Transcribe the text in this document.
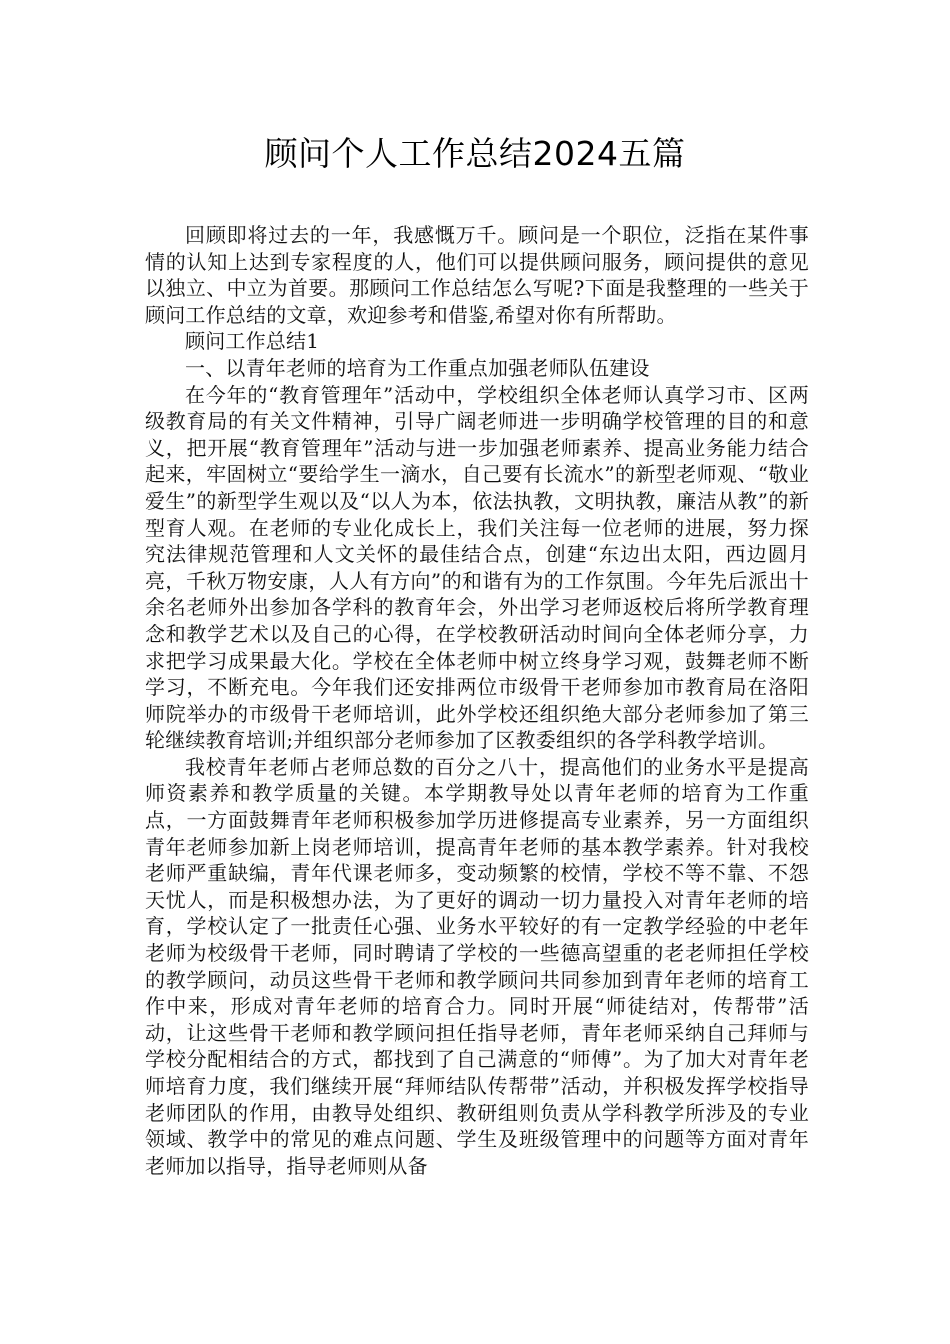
顾问个人工作总结2024五篇

回顾即将过去的一年，我感慨万千。顾问是一个职位，泛指在某件事情的认知上达到专家程度的人，他们可以提供顾问服务，顾问提供的意见以独立、中立为首要。那顾问工作总结怎么写呢?下面是我整理的一些关于顾问工作总结的文章，欢迎参考和借鉴,希望对你有所帮助。

顾问工作总结1

一、以青年老师的培育为工作重点加强老师队伍建设

在今年的“教育管理年”活动中，学校组织全体老师认真学习市、区两级教育局的有关文件精神，引导广阔老师进一步明确学校管理的目的和意义，把开展“教育管理年”活动与进一步加强老师素养、提高业务能力结合起来，牢固树立“要给学生一滴水，自己要有长流水”的新型老师观、“敬业爱生”的新型学生观以及“以人为本，依法执教，文明执教，廉洁从教”的新型育人观。在老师的专业化成长上，我们关注每一位老师的进展，努力探究法律规范管理和人文关怀的最佳结合点，创建“东边出太阳，西边圆月亮，千秋万物安康，人人有方向”的和谐有为的工作氛围。今年先后派出十余名老师外出参加各学科的教育年会，外出学习老师返校后将所学教育理念和教学艺术以及自己的心得，在学校教研活动时间向全体老师分享，力求把学习成果最大化。学校在全体老师中树立终身学习观，鼓舞老师不断学习，不断充电。今年我们还安排两位市级骨干老师参加市教育局在洛阳师院举办的市级骨干老师培训，此外学校还组织绝大部分老师参加了第三轮继续教育培训;并组织部分老师参加了区教委组织的各学科教学培训。

我校青年老师占老师总数的百分之八十，提高他们的业务水平是提高师资素养和教学质量的关键。本学期教导处以青年老师的培育为工作重点，一方面鼓舞青年老师积极参加学历进修提高专业素养，另一方面组织青年老师参加新上岗老师培训，提高青年老师的基本教学素养。针对我校老师严重缺编，青年代课老师多，变动频繁的校情，学校不等不靠、不怨天忧人，而是积极想办法，为了更好的调动一切力量投入对青年老师的培育，学校认定了一批责任心强、业务水平较好的有一定教学经验的中老年老师为校级骨干老师，同时聘请了学校的一些德高望重的老老师担任学校的教学顾问，动员这些骨干老师和教学顾问共同参加到青年老师的培育工作中来，形成对青年老师的培育合力。同时开展“师徒结对，传帮带”活动，让这些骨干老师和教学顾问担任指导老师，青年老师采纳自己拜师与学校分配相结合的方式，都找到了自己满意的“师傅”。为了加大对青年老师培育力度，我们继续开展“拜师结队传帮带”活动，并积极发挥学校指导老师团队的作用，由教导处组织、教研组则负责从学科教学所涉及的专业领域、教学中的常见的难点问题、学生及班级管理中的问题等方面对青年老师加以指导，指导老师则从备
